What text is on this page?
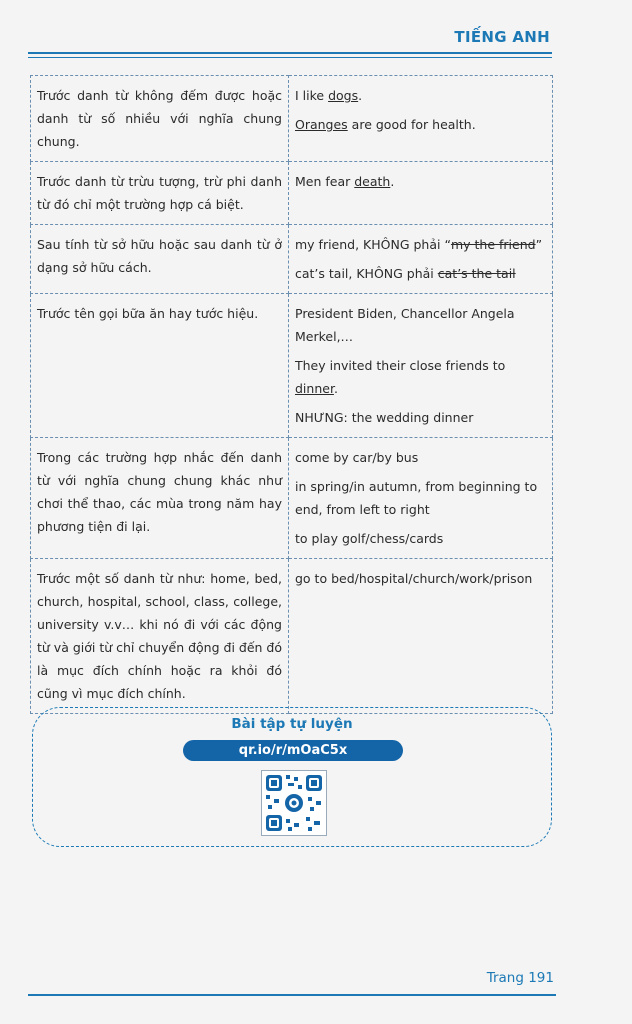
TIẾNG ANH
Trước danh từ không đếm được hoặc danh từ số nhiều với nghĩa chung chung.	I like dogs.

Oranges are good for health.

Trước danh từ trừu tượng, trừ phi danh từ đó chỉ một trường hợp cá biệt.	Men fear death.

Sau tính từ sở hữu hoặc sau danh từ ở dạng sở hữu cách.	my friend, KHÔNG phải “my the friend”

cat’s tail, KHÔNG phải cat’s the tail

Trước tên gọi bữa ăn hay tước hiệu.	President Biden, Chancellor Angela Merkel,…

They invited their close friends to dinner.

NHƯNG: the wedding dinner

Trong các trường hợp nhắc đến danh từ với nghĩa chung chung khác như chơi thể thao, các mùa trong năm hay phương tiện đi lại.	come by car/by bus

in spring/in autumn, from beginning to end, from left to right

to play golf/chess/cards

Trước một số danh từ như: home, bed, church, hospital, school, class, college, university v.v… khi nó đi với các động từ và giới từ chỉ chuyển động đi đến đó là mục đích chính hoặc ra khỏi đó cũng vì mục đích chính.	go to bed/hospital/church/work/prison

Bài tập tự luyện
qr.io/r/mOaC5x
Trang 191
